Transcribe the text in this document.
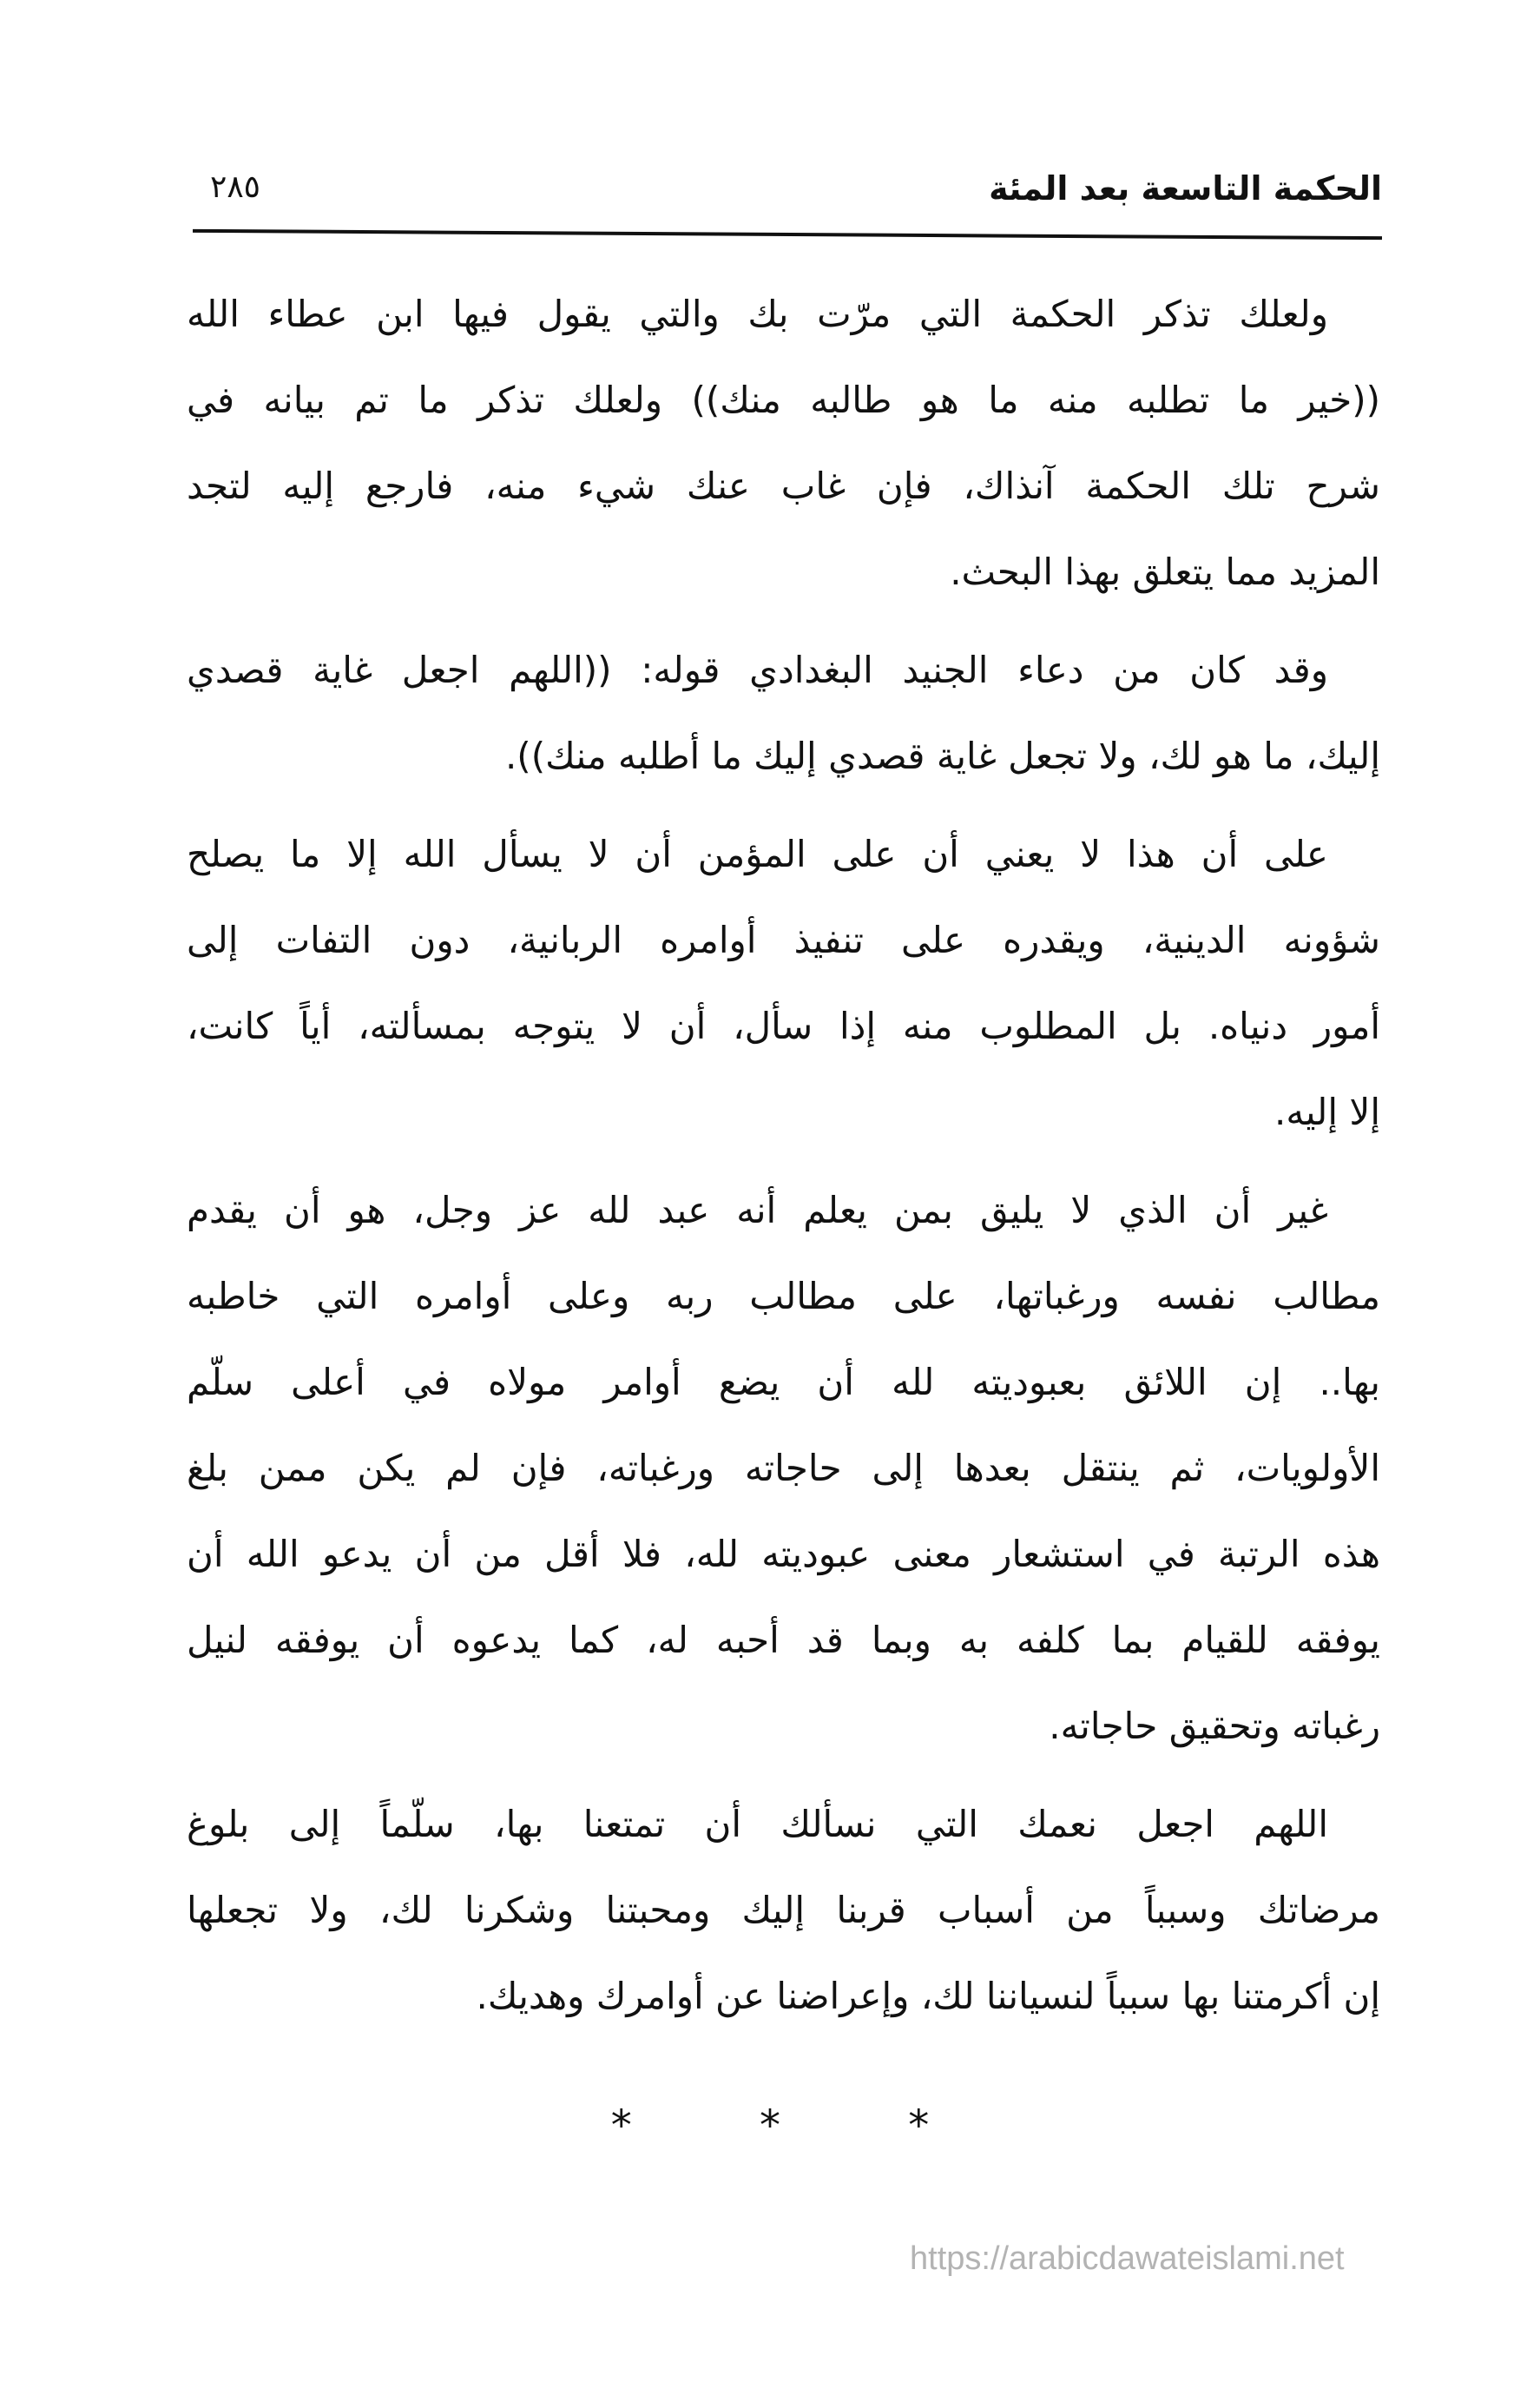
الحكمة التاسعة بعد المئة
٢٨٥
ولعلك تذكر الحكمة التي مرّت بك والتي يقول فيها ابن عطاء الله
((خير ما تطلبه منه ما هو طالبه منك)) ولعلك تذكر ما تم بيانه في
شرح تلك الحكمة آنذاك، فإن غاب عنك شيء منه، فارجع إليه لتجد
المزيد مما يتعلق بهذا البحث.
وقد كان من دعاء الجنيد البغدادي قوله: ((اللهم اجعل غاية قصدي
إليك، ما هو لك، ولا تجعل غاية قصدي إليك ما أطلبه منك)).
على أن هذا لا يعني أن على المؤمن أن لا يسأل الله إلا ما يصلح
شؤونه الدينية، ويقدره على تنفيذ أوامره الربانية، دون التفات إلى
أمور دنياه. بل المطلوب منه إذا سأل، أن لا يتوجه بمسألته، أياً كانت،
إلا إليه.
غير أن الذي لا يليق بمن يعلم أنه عبد لله عز وجل، هو أن يقدم
مطالب نفسه ورغباتها، على مطالب ربه وعلى أوامره التي خاطبه
بها.. إن اللائق بعبوديته لله أن يضع أوامر مولاه في أعلى سلّم
الأولويات، ثم ينتقل بعدها إلى حاجاته ورغباته، فإن لم يكن ممن بلغ
هذه الرتبة في استشعار معنى عبوديته لله، فلا أقل من أن يدعو الله أن
يوفقه للقيام بما كلفه به وبما قد أحبه له، كما يدعوه أن يوفقه لنيل
رغباته وتحقيق حاجاته.
اللهم اجعل نعمك التي نسألك أن تمتعنا بها، سلّماً إلى بلوغ
مرضاتك وسبباً من أسباب قربنا إليك ومحبتنا وشكرنا لك، ولا تجعلها
إن أكرمتنا بها سبباً لنسياننا لك، وإعراضنا عن أوامرك وهديك.
*	*	*
https://arabicdawateislami.net
